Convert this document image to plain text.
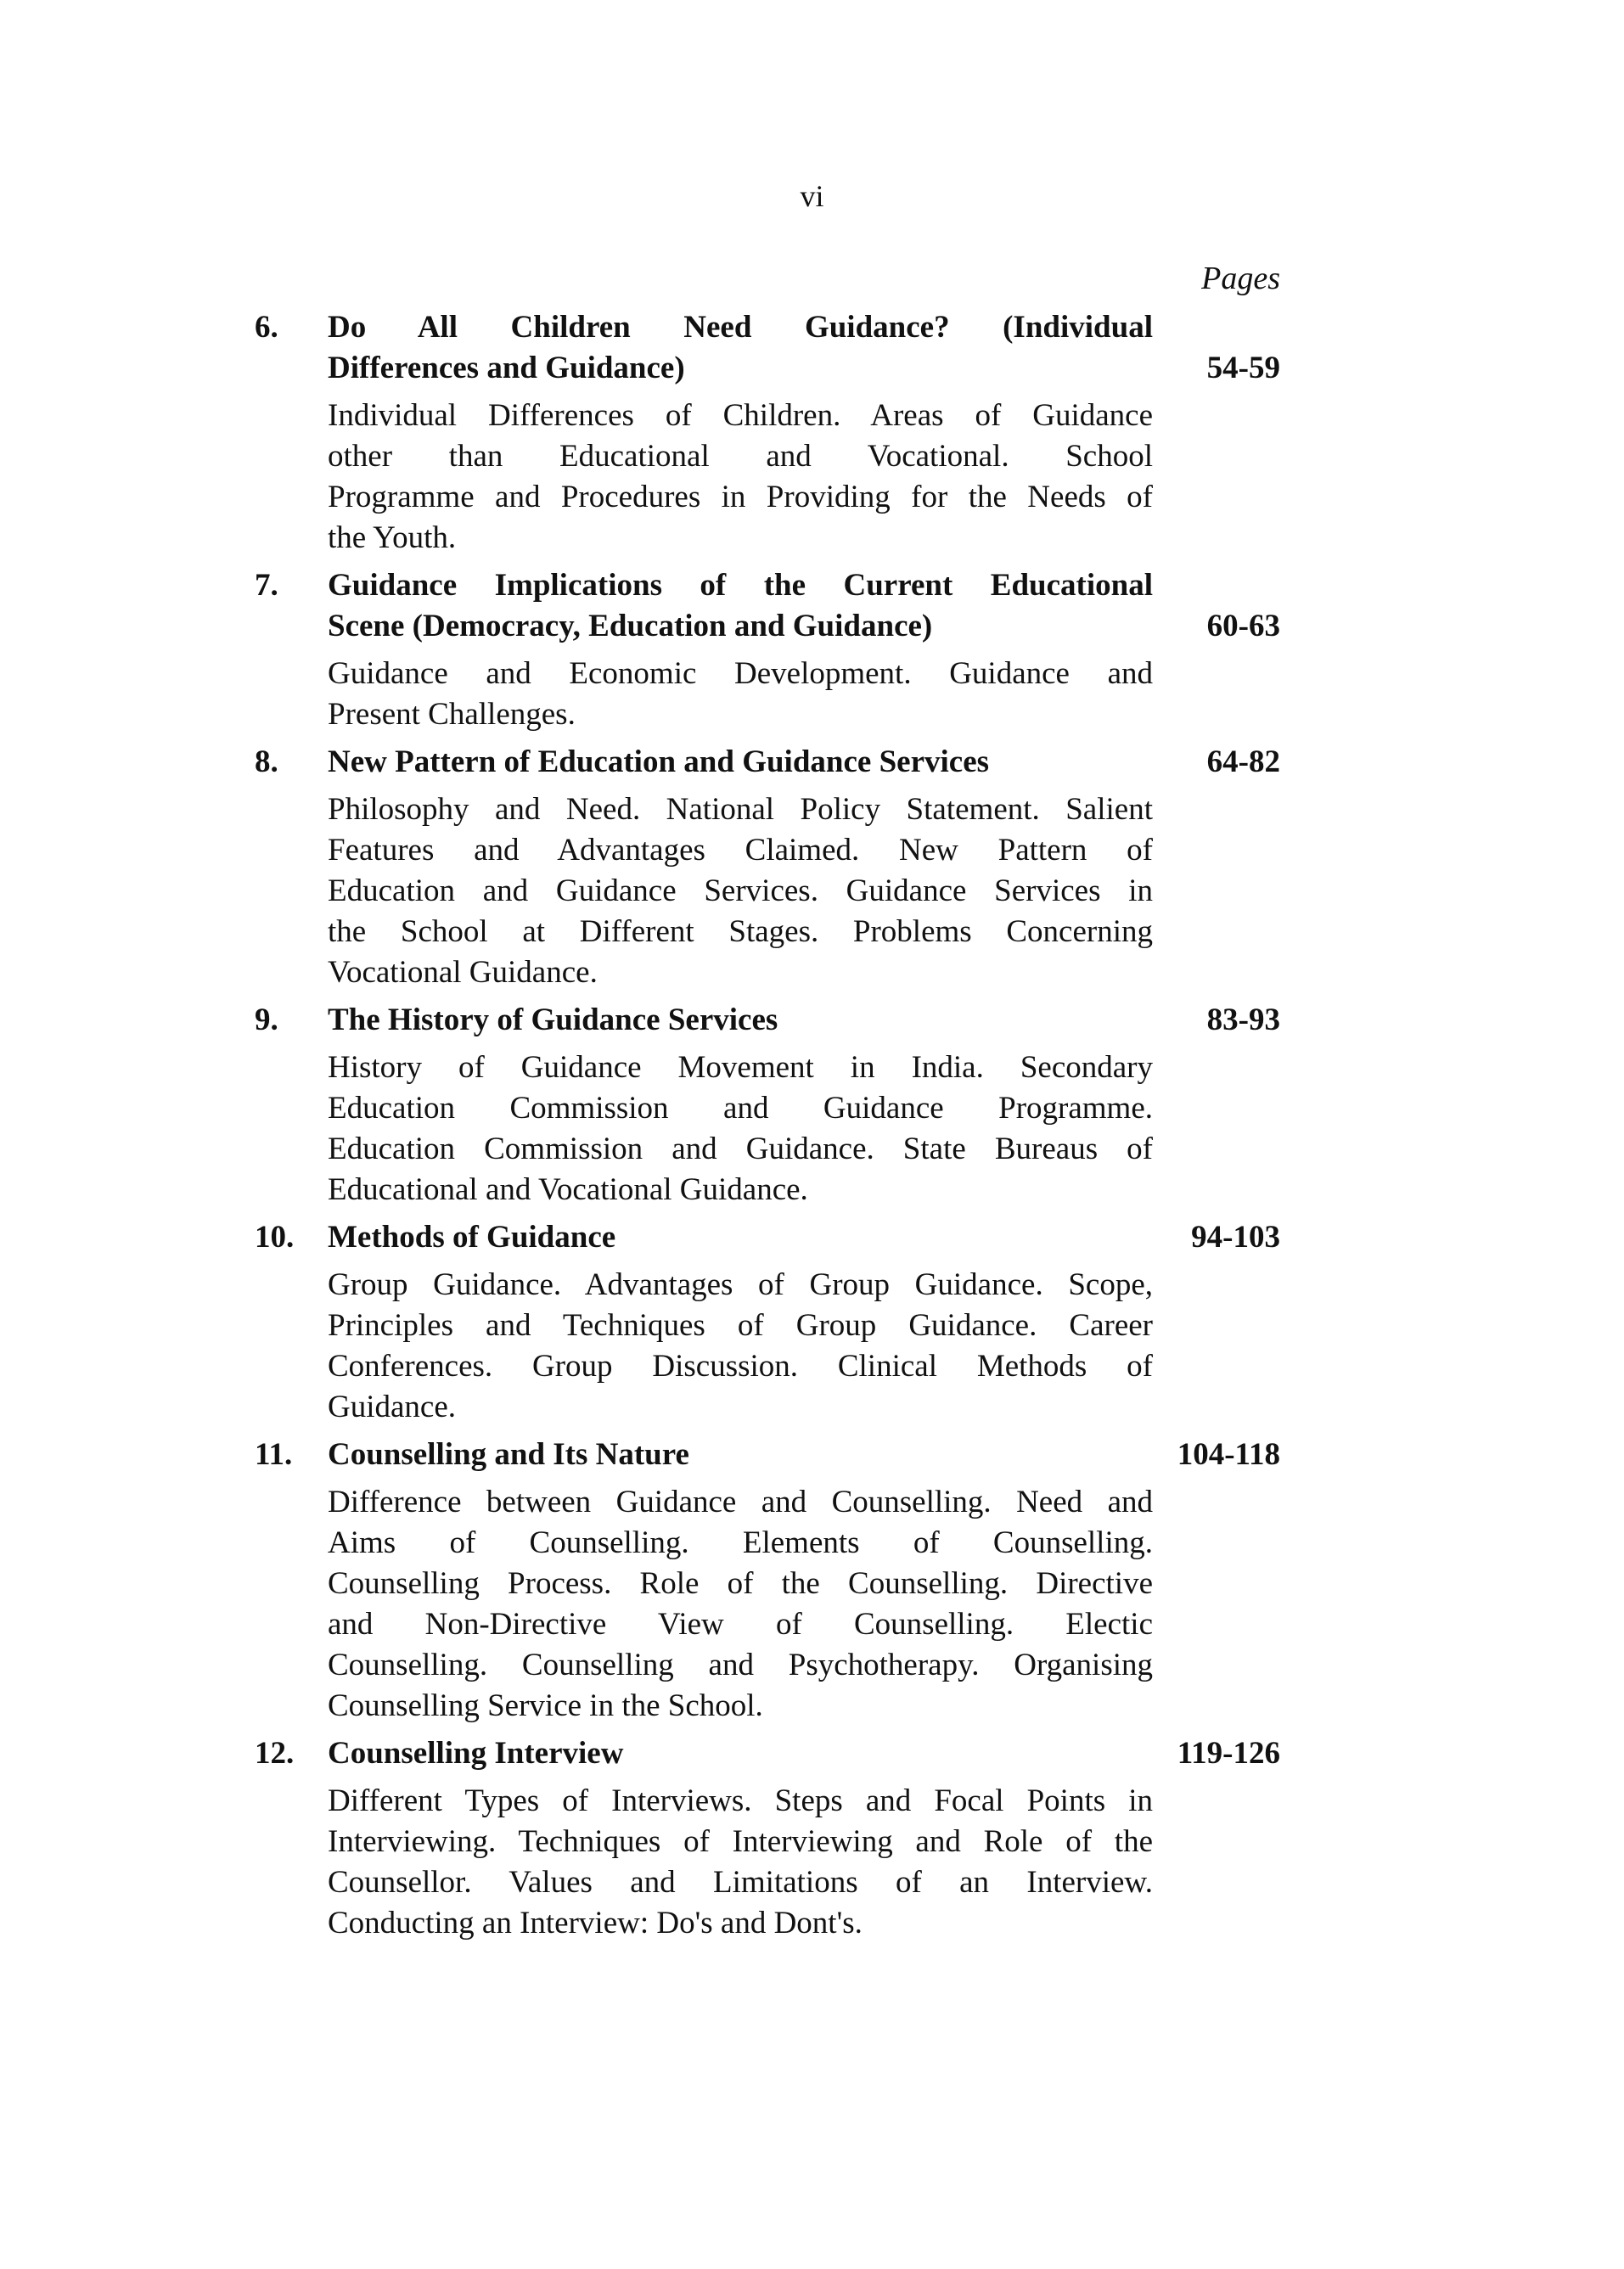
vi
Pages
6. Do All Children Need Guidance? (Individual
Differences and Guidance)
Individual Differences of Children. Areas of Guidance
other than Educational and Vocational. School
Programme and Procedures in Providing for the Needs of
the Youth.
54-59
7. Guidance Implications of the Current Educational
Scene (Democracy, Education and Guidance)
Guidance and Economic Development. Guidance and
Present Challenges.
60-63
8. New Pattern of Education and Guidance Services
Philosophy and Need. National Policy Statement. Salient
Features and Advantages Claimed. New Pattern of
Education and Guidance Services. Guidance Services in
the School at Different Stages. Problems Concerning
Vocational Guidance.
64-82
9. The History of Guidance Services
History of Guidance Movement in India. Secondary
Education Commission and Guidance Programme.
Education Commission and Guidance. State Bureaus of
Educational and Vocational Guidance.
83-93
10. Methods of Guidance
Group Guidance. Advantages of Group Guidance. Scope,
Principles and Techniques of Group Guidance. Career
Conferences. Group Discussion. Clinical Methods of
Guidance.
94-103
11. Counselling and Its Nature
Difference between Guidance and Counselling. Need and
Aims of Counselling. Elements of Counselling.
Counselling Process. Role of the Counselling. Directive
and Non-Directive View of Counselling. Electic
Counselling. Counselling and Psychotherapy. Organising
Counselling Service in the School.
104-118
12. Counselling Interview
Different Types of Interviews. Steps and Focal Points in
Interviewing. Techniques of Interviewing and Role of the
Counsellor. Values and Limitations of an Interview.
Conducting an Interview: Do's and Dont's.
119-126
